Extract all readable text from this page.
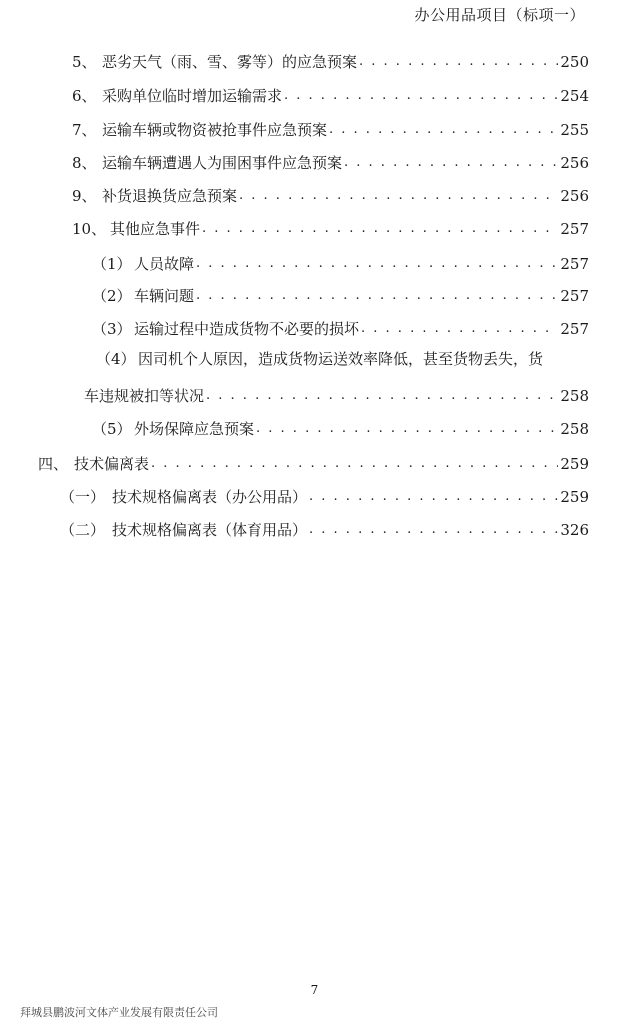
办公用品项目（标项一）
5、 恶劣天气（雨、雪、雾等）的应急预案 . . .	250
6、 采购单位临时增加运输需求 . . .	254
7、 运输车辆或物资被抢事件应急预案 . . .	255
8、 运输车辆遭遇人为围困事件应急预案 . . .	256
9、 补货退换货应急预案 . . .	256
10、 其他应急事件 . . .	257
（1） 人员故障 . . .	257
（2） 车辆问题 . . .	257
（3） 运输过程中造成货物不必要的损坏 . . .	257
（4） 因司机个人原因，造成货物运送效率降低，甚至货物丢失，货
车违规被扣等状况 . . .	258
（5） 外场保障应急预案 . . .	258
四、 技术偏离表 . . .	259
（一） 技术规格偏离表（办公用品） . . .	259
（二） 技术规格偏离表（体育用品） . . .	326
7
拜城县鹏波河文体产业发展有限责任公司
